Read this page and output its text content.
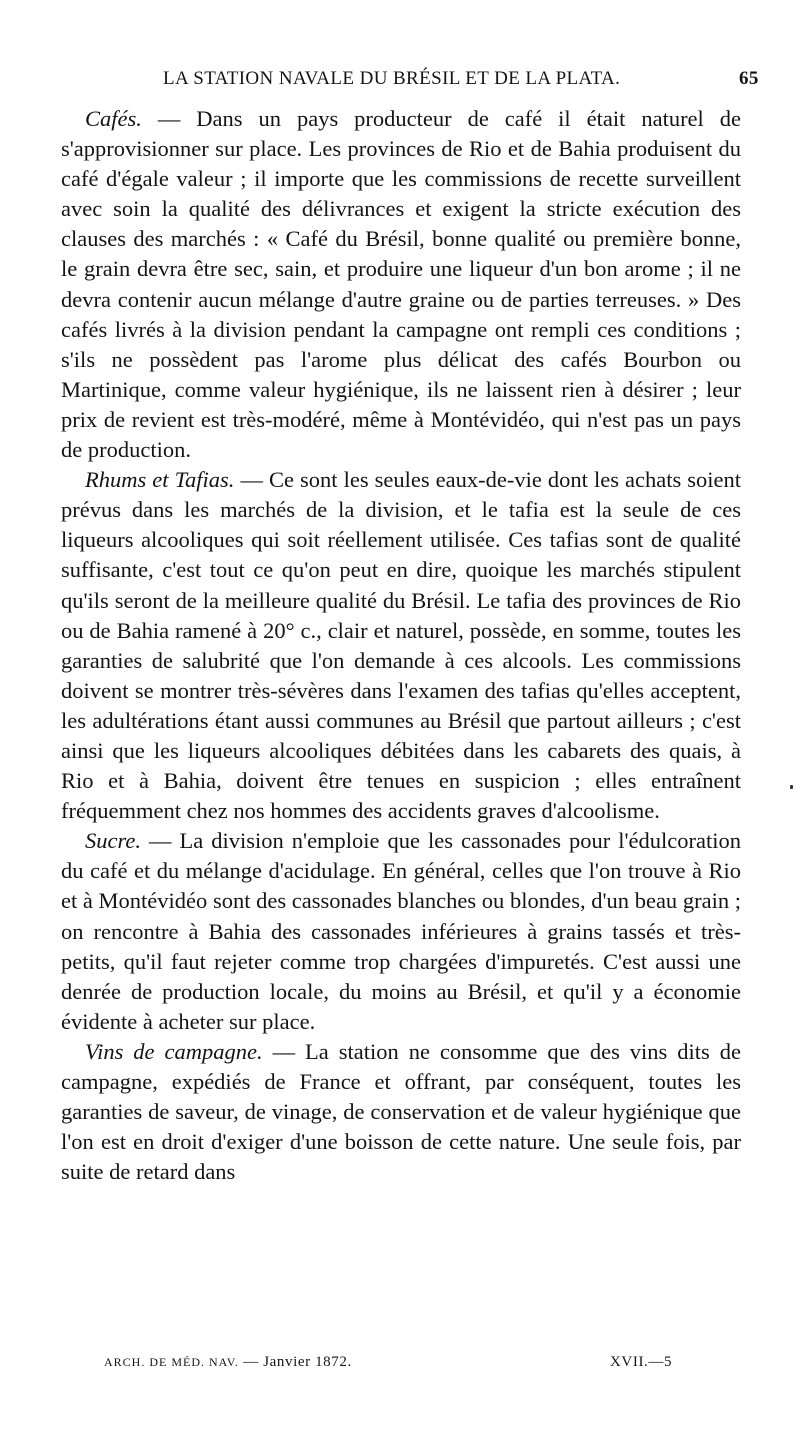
LA STATION NAVALE DU BRÉSIL ET DE LA PLATA.	65

Cafés. — Dans un pays producteur de café il était naturel de s'approvisionner sur place. Les provinces de Rio et de Bahia produisent du café d'égale valeur ; il importe que les commissions de recette surveillent avec soin la qualité des délivrances et exigent la stricte exécution des clauses des marchés : « Café du Brésil, bonne qualité ou première bonne, le grain devra être sec, sain, et produire une liqueur d'un bon arome ; il ne devra contenir aucun mélange d'autre graine ou de parties terreuses. » Des cafés livrés à la division pendant la campagne ont rempli ces conditions ; s'ils ne possèdent pas l'arome plus délicat des cafés Bourbon ou Martinique, comme valeur hygiénique, ils ne laissent rien à désirer ; leur prix de revient est très-modéré, même à Montévidéo, qui n'est pas un pays de production.

Rhums et Tafias. — Ce sont les seules eaux-de-vie dont les achats soient prévus dans les marchés de la division, et le tafia est la seule de ces liqueurs alcooliques qui soit réellement utilisée. Ces tafias sont de qualité suffisante, c'est tout ce qu'on peut en dire, quoique les marchés stipulent qu'ils seront de la meilleure qualité du Brésil. Le tafia des provinces de Rio ou de Bahia ramené à 20° c., clair et naturel, possède, en somme, toutes les garanties de salubrité que l'on demande à ces alcools. Les commissions doivent se montrer très-sévères dans l'examen des tafias qu'elles acceptent, les adultérations étant aussi communes au Brésil que partout ailleurs ; c'est ainsi que les liqueurs alcooliques débitées dans les cabarets des quais, à Rio et à Bahia, doivent être tenues en suspicion ; elles entraînent fréquemment chez nos hommes des accidents graves d'alcoolisme.

Sucre. — La division n'emploie que les cassonades pour l'édulcoration du café et du mélange d'acidulage. En général, celles que l'on trouve à Rio et à Montévidéo sont des cassonades blanches ou blondes, d'un beau grain ; on rencontre à Bahia des cassonades inférieures à grains tassés et très-petits, qu'il faut rejeter comme trop chargées d'impuretés. C'est aussi une denrée de production locale, du moins au Brésil, et qu'il y a économie évidente à acheter sur place.

Vins de campagne. — La station ne consomme que des vins dits de campagne, expédiés de France et offrant, par conséquent, toutes les garanties de saveur, de vinage, de conservation et de valeur hygiénique que l'on est en droit d'exiger d'une boisson de cette nature. Une seule fois, par suite de retard dans

ARCH. DE MÉD. NAV. — Janvier 1872.	XVII.—5
